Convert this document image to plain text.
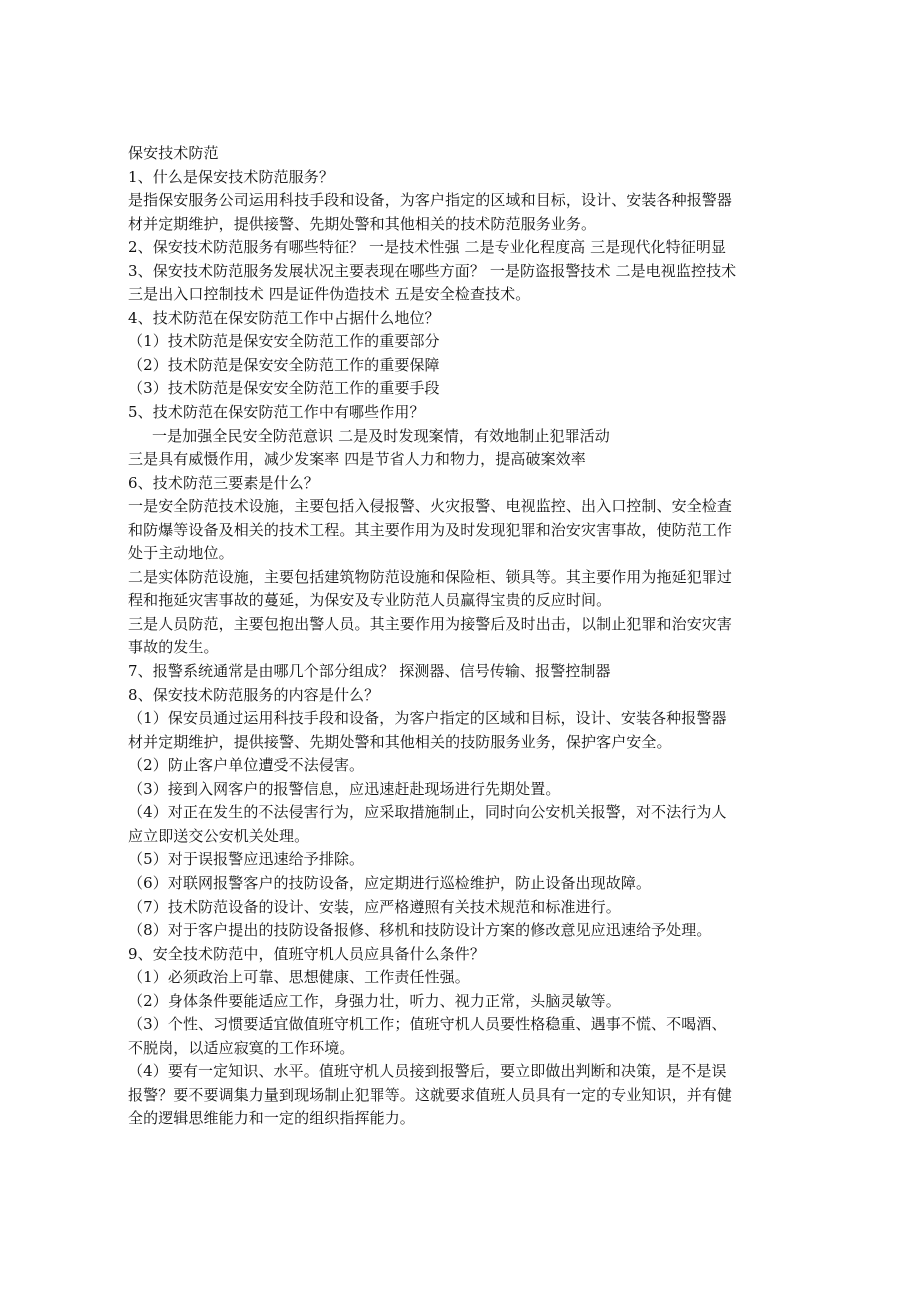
保安技术防范
1、什么是保安技术防范服务？
是指保安服务公司运用科技手段和设备，为客户指定的区域和目标，设计、安装各种报警器
材并定期维护，提供接警、先期处警和其他相关的技术防范服务业务。
2、保安技术防范服务有哪些特征？ 一是技术性强 二是专业化程度高 三是现代化特征明显
3、保安技术防范服务发展状况主要表现在哪些方面？ 一是防盗报警技术 二是电视监控技术
三是出入口控制技术 四是证件伪造技术 五是安全检查技术。
4、技术防范在保安防范工作中占据什么地位？
（1）技术防范是保安安全防范工作的重要部分
（2）技术防范是保安安全防范工作的重要保障
（3）技术防范是保安安全防范工作的重要手段
5、技术防范在保安防范工作中有哪些作用？
一是加强全民安全防范意识 二是及时发现案情，有效地制止犯罪活动
三是具有威慑作用，减少发案率 四是节省人力和物力，提高破案效率
6、技术防范三要素是什么？
一是安全防范技术设施，主要包括入侵报警、火灾报警、电视监控、出入口控制、安全检查
和防爆等设备及相关的技术工程。其主要作用为及时发现犯罪和治安灾害事故，使防范工作
处于主动地位。
二是实体防范设施，主要包括建筑物防范设施和保险柜、锁具等。其主要作用为拖延犯罪过
程和拖延灾害事故的蔓延，为保安及专业防范人员赢得宝贵的反应时间。
三是人员防范，主要包抱出警人员。其主要作用为接警后及时出击，以制止犯罪和治安灾害
事故的发生。
7、报警系统通常是由哪几个部分组成？ 探测器、信号传输、报警控制器
8、保安技术防范服务的内容是什么？
（1）保安员通过运用科技手段和设备，为客户指定的区域和目标，设计、安装各种报警器
材并定期维护，提供接警、先期处警和其他相关的技防服务业务，保护客户安全。
（2）防止客户单位遭受不法侵害。
（3）接到入网客户的报警信息，应迅速赶赴现场进行先期处置。
（4）对正在发生的不法侵害行为，应采取措施制止，同时向公安机关报警，对不法行为人
应立即送交公安机关处理。
（5）对于误报警应迅速给予排除。
（6）对联网报警客户的技防设备，应定期进行巡检维护，防止设备出现故障。
（7）技术防范设备的设计、安装，应严格遵照有关技术规范和标准进行。
（8）对于客户提出的技防设备报修、移机和技防设计方案的修改意见应迅速给予处理。
9、安全技术防范中，值班守机人员应具备什么条件？
（1）必须政治上可靠、思想健康、工作责任性强。
（2）身体条件要能适应工作，身强力壮，听力、视力正常，头脑灵敏等。
（3）个性、习惯要适宜做值班守机工作；值班守机人员要性格稳重、遇事不慌、不喝酒、
不脱岗，以适应寂寞的工作环境。
（4）要有一定知识、水平。值班守机人员接到报警后，要立即做出判断和决策，是不是误
报警？要不要调集力量到现场制止犯罪等。这就要求值班人员具有一定的专业知识，并有健
全的逻辑思维能力和一定的组织指挥能力。
